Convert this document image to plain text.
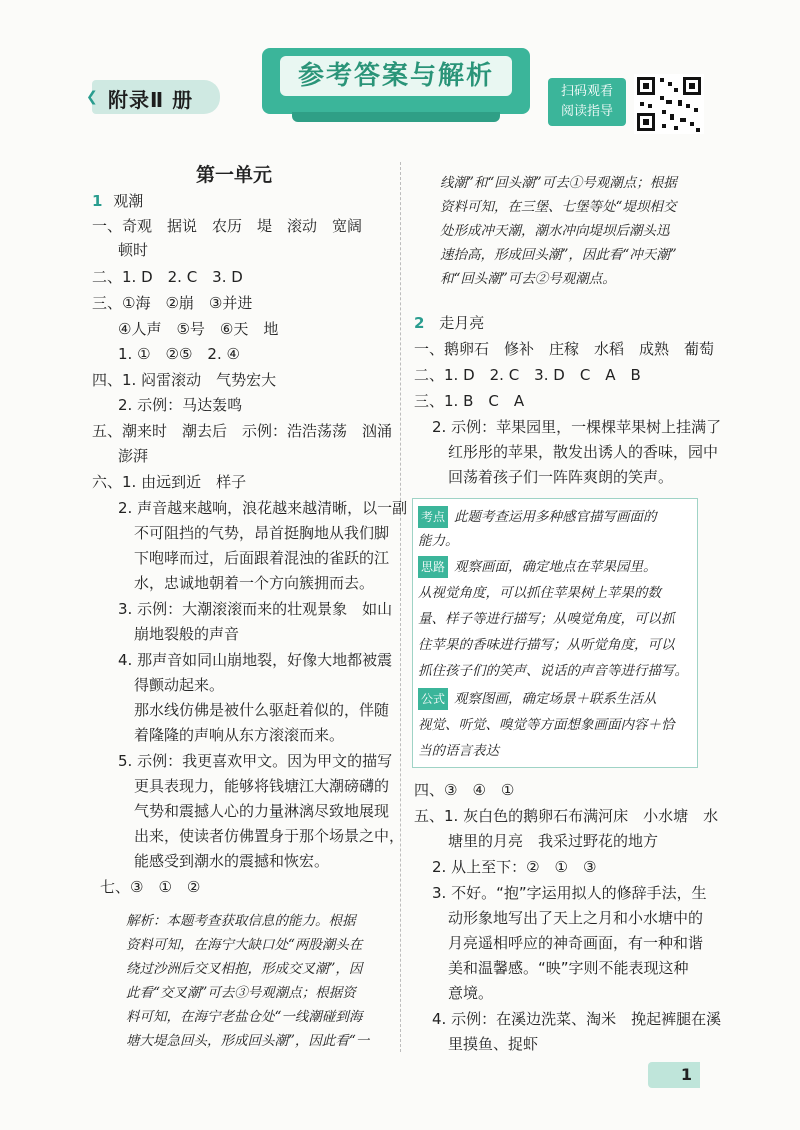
❮ 附录Ⅱ 册
参考答案与解析
扫码观看
阅读指导
第一单元
1 观潮
一、奇观　据说　农历　堤　滚动　宽阔
顿时
二、1. D　2. C　3. D
三、①海　②崩　③并进
④人声　⑤号　⑥天　地
1. ①　②⑤　2. ④
四、1. 闷雷滚动　气势宏大
2. 示例：马达轰鸣
五、潮来时　潮去后　示例：浩浩荡荡　汹涌
澎湃
六、1. 由远到近　样子
2. 声音越来越响，浪花越来越清晰，以一副
不可阻挡的气势，昂首挺胸地从我们脚
下咆哮而过，后面跟着混浊的雀跃的江
水，忠诚地朝着一个方向簇拥而去。
3. 示例：大潮滚滚而来的壮观景象　如山
崩地裂般的声音
4. 那声音如同山崩地裂，好像大地都被震
得颤动起来。
那水线仿佛是被什么驱赶着似的，伴随
着隆隆的声响从东方滚滚而来。
5. 示例：我更喜欢甲文。因为甲文的描写
更具表现力，能够将钱塘江大潮磅礴的
气势和震撼人心的力量淋漓尽致地展现
出来，使读者仿佛置身于那个场景之中，
能感受到潮水的震撼和恢宏。
七、③　①　②
解析：本题考查获取信息的能力。根据
资料可知，在海宁大缺口处“两股潮头在
绕过沙洲后交叉相抱，形成交叉潮”，因
此看“交叉潮”可去③号观潮点；根据资
料可知，在海宁老盐仓处“一线潮碰到海
塘大堤急回头，形成回头潮”，因此看“一
线潮”和“回头潮”可去①号观潮点；根据
资料可知，在三堡、七堡等处“堤坝相交
处形成冲天潮，潮水冲向堤坝后潮头迅
速抬高，形成回头潮”，因此看“冲天潮”
和“回头潮”可去②号观潮点。
2 走月亮
一、鹅卵石　修补　庄稼　水稻　成熟　葡萄
二、1. D　2. C　3. D　C　A　B
三、1. B　C　A
2. 示例：苹果园里，一棵棵苹果树上挂满了
红彤彤的苹果，散发出诱人的香味，园中
回荡着孩子们一阵阵爽朗的笑声。
考点 此题考查运用多种感官描写画面的
能力。
思路 观察画面，确定地点在苹果园里。
从视觉角度，可以抓住苹果树上苹果的数
量、样子等进行描写；从嗅觉角度，可以抓
住苹果的香味进行描写；从听觉角度，可以
抓住孩子们的笑声、说话的声音等进行描写。
公式 观察图画，确定场景＋联系生活从
视觉、听觉、嗅觉等方面想象画面内容＋恰
当的语言表达
四、③　④　①
五、1. 灰白色的鹅卵石布满河床　小水塘　水
塘里的月亮　我采过野花的地方
2. 从上至下：②　①　③
3. 不好。“抱”字运用拟人的修辞手法，生
动形象地写出了天上之月和小水塘中的
月亮遥相呼应的神奇画面，有一种和谐
美和温馨感。“映”字则不能表现这种
意境。
4. 示例：在溪边洗菜、淘米　挽起裤腿在溪
里摸鱼、捉虾
1
